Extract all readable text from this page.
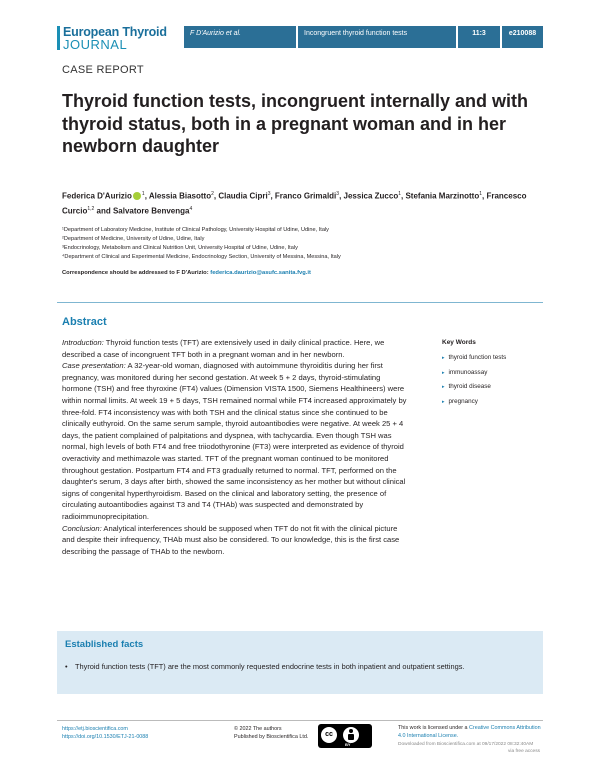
European Thyroid
JOURNAL
F D'Aurizio et al.	Incongruent thyroid function tests	11:3	e210088
CASE REPORT
Thyroid function tests, incongruent internally and with thyroid status, both in a pregnant woman and in her newborn daughter
Federica D'Aurizio $^1$, Alessia Biasotto$^2$, Claudia Cipri$^3$, Franco Grimaldi$^3$, Jessica Zucco$^1$, Stefania Marzinotto$^1$, Francesco Curcio$^{1,2}$ and Salvatore Benvenga$^4$
¹Department of Laboratory Medicine, Institute of Clinical Pathology, University Hospital of Udine, Udine, Italy
²Department of Medicine, University of Udine, Udine, Italy
³Endocrinology, Metabolism and Clinical Nutrition Unit, University Hospital of Udine, Udine, Italy
⁴Department of Clinical and Experimental Medicine, Endocrinology Section, University of Messina, Messina, Italy
Correspondence should be addressed to F D'Aurizio: federica.daurizio@asufc.sanita.fvg.it
Abstract

Introduction: Thyroid function tests (TFT) are extensively used in daily clinical practice. Here, we described a case of incongruent TFT both in a pregnant woman and in her newborn.

Case presentation: A 32-year-old woman, diagnosed with autoimmune thyroiditis during her first pregnancy, was monitored during her second gestation. At week 5 + 2 days, thyroid-stimulating hormone (TSH) and free thyroxine (FT4) values (Dimension VISTA 1500, Siemens Healthineers) were within normal limits. At week 19 + 5 days, TSH remained normal while FT4 increased approximately by three-fold. FT4 inconsistency was with both TSH and the clinical status since she continued to be clinically euthyroid. On the same serum sample, thyroid autoantibodies were negative. At week 25 + 4 days, the patient complained of palpitations and dyspnea, with tachycardia. Even though TSH was normal, high levels of both FT4 and free triiodothyronine (FT3) were interpreted as evidence of thyroid overactivity and methimazole was started. TFT of the pregnant woman continued to be monitored throughout gestation. Postpartum FT4 and FT3 gradually returned to normal. TFT, performed on the daughter's serum, 3 days after birth, showed the same inconsistency as her mother but without clinical signs of congenital hyperthyroidism. Based on the clinical and laboratory setting, the presence of circulating autoantibodies against T3 and T4 (THAb) was suspected and demonstrated by radioimmunoprecipitation.

Conclusion: Analytical interferences should be supposed when TFT do not fit with the clinical picture and despite their infrequency, THAb must also be considered. To our knowledge, this is the first case describing the passage of THAb to the newborn.

Key Words
▸ thyroid function tests
▸ immunoassay
▸ thyroid disease
▸ pregnancy
Established facts
• Thyroid function tests (TFT) are the most commonly requested endocrine tests in both inpatient and outpatient settings.
https://etj.bioscientifica.com
https://doi.org/10.1530/ETJ-21-0088
© 2022 The authors
Published by Bioscientifica Ltd.	cc
BY
This work is licensed under a Creative Commons Attribution 4.0 International License.
Downloaded from Bioscientifica.com at 09/17/2022 08:32:40AM
via free access
